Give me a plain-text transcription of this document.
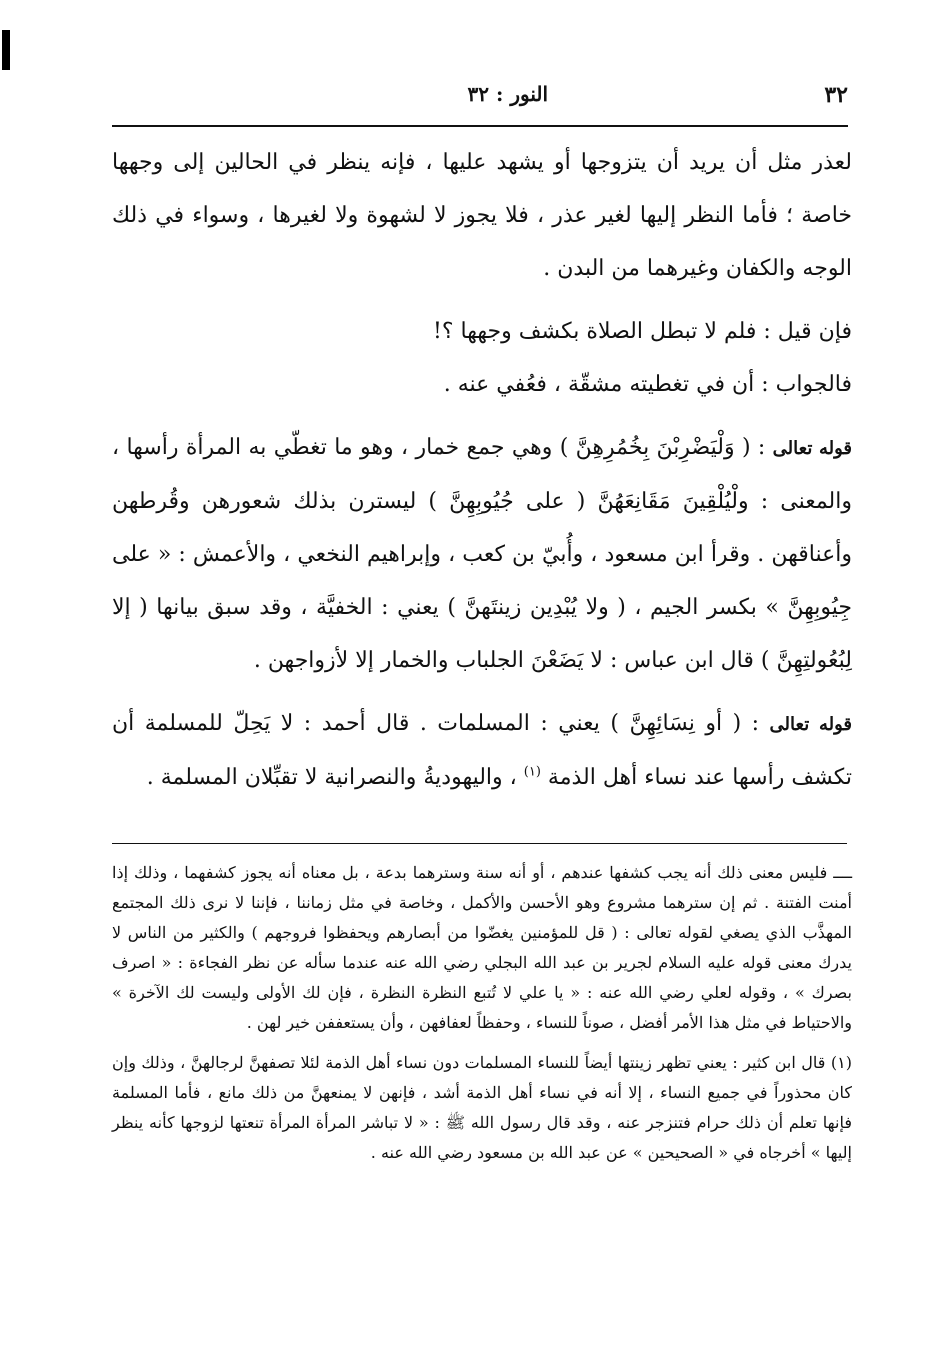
٣٢
النور : ٣٢

لعذر مثل أن يريد أن يتزوجها أو يشهد عليها ، فإنه ينظر في الحالين إلى وجهها خاصة ؛ فأما النظر إليها لغير عذر ، فلا يجوز لا لشهوة ولا لغيرها ، وسواء في ذلك الوجه والكفان وغيرهما من البدن .

فإن قيل : فلم لا تبطل الصلاة بكشف وجهها ؟!

فالجواب : أن في تغطيته مشقّة ، فعُفي عنه .

قوله تعالى : ( وَلْيَضْرِبْنَ بِخُمُرِهِنَّ ) وهي جمع خمار ، وهو ما تغطّي به المرأة رأسها ، والمعنى : ولْيُلْقِينَ مَقَانِعَهُنَّ ( على جُيُوبِهِنَّ ) ليسترن بذلك شعورهن وقُرطهن وأعناقهن . وقرأ ابن مسعود ، وأُبيّ بن كعب ، وإبراهيم النخعي ، والأعمش : « على جِيُوبِهِنَّ » بكسر الجيم ، ( ولا يُبْدِين زينتَهنَّ ) يعني : الخفيَّة ، وقد سبق بيانها ( إلا لِبُعُولتِهِنَّ ) قال ابن عباس : لا يَضَعْنَ الجلباب والخمار إلا لأزواجهن .

قوله تعالى : ( أو نِسَائِهِنَّ ) يعني : المسلمات . قال أحمد : لا يَحِلّ للمسلمة أن تكشف رأسها عند نساء أهل الذمة $^{(١)}$ ، واليهوديةُ والنصرانية لا تقبِّلان المسلمة .

ــــ فليس معنى ذلك أنه يجب كشفها عندهم ، أو أنه سنة وسترهما بدعة ، بل معناه أنه يجوز كشفهما ، وذلك إذا أمنت الفتنة . ثم إن سترهما مشروع وهو الأحسن والأكمل ، وخاصة في مثل زماننا ، فإننا لا نرى ذلك المجتمع المهذَّب الذي يصغي لقوله تعالى : ( قل للمؤمنين يغضّوا من أبصارهم ويحفظوا فروجهم ) والكثير من الناس لا يدرك معنى قوله عليه السلام لجرير بن عبد الله البجلي رضي الله عنه عندما سأله عن نظر الفجاءة : « اصرف بصرك » ، وقوله لعلي رضي الله عنه : « يا علي لا تُتبع النظرة النظرة ، فإن لك الأولى وليست لك الآخرة » والاحتياط في مثل هذا الأمر أفضل ، صوناً للنساء ، وحفظاً لعفافهن ، وأن يستعففن خير لهن .

(١) قال ابن كثير : يعني تظهر زينتها أيضاً للنساء المسلمات دون نساء أهل الذمة لئلا تصفهنَّ لرجالهنَّ ، وذلك وإن كان محذوراً في جميع النساء ، إلا أنه في نساء أهل الذمة أشد ، فإنهن لا يمنعهنَّ من ذلك مانع ، فأما المسلمة فإنها تعلم أن ذلك حرام فتنزجر عنه ، وقد قال رسول الله ﷺ : « لا تباشر المرأة المرأة تنعتها لزوجها كأنه ينظر إليها » أخرجاه في « الصحيحين » عن عبد الله بن مسعود رضي الله عنه .
